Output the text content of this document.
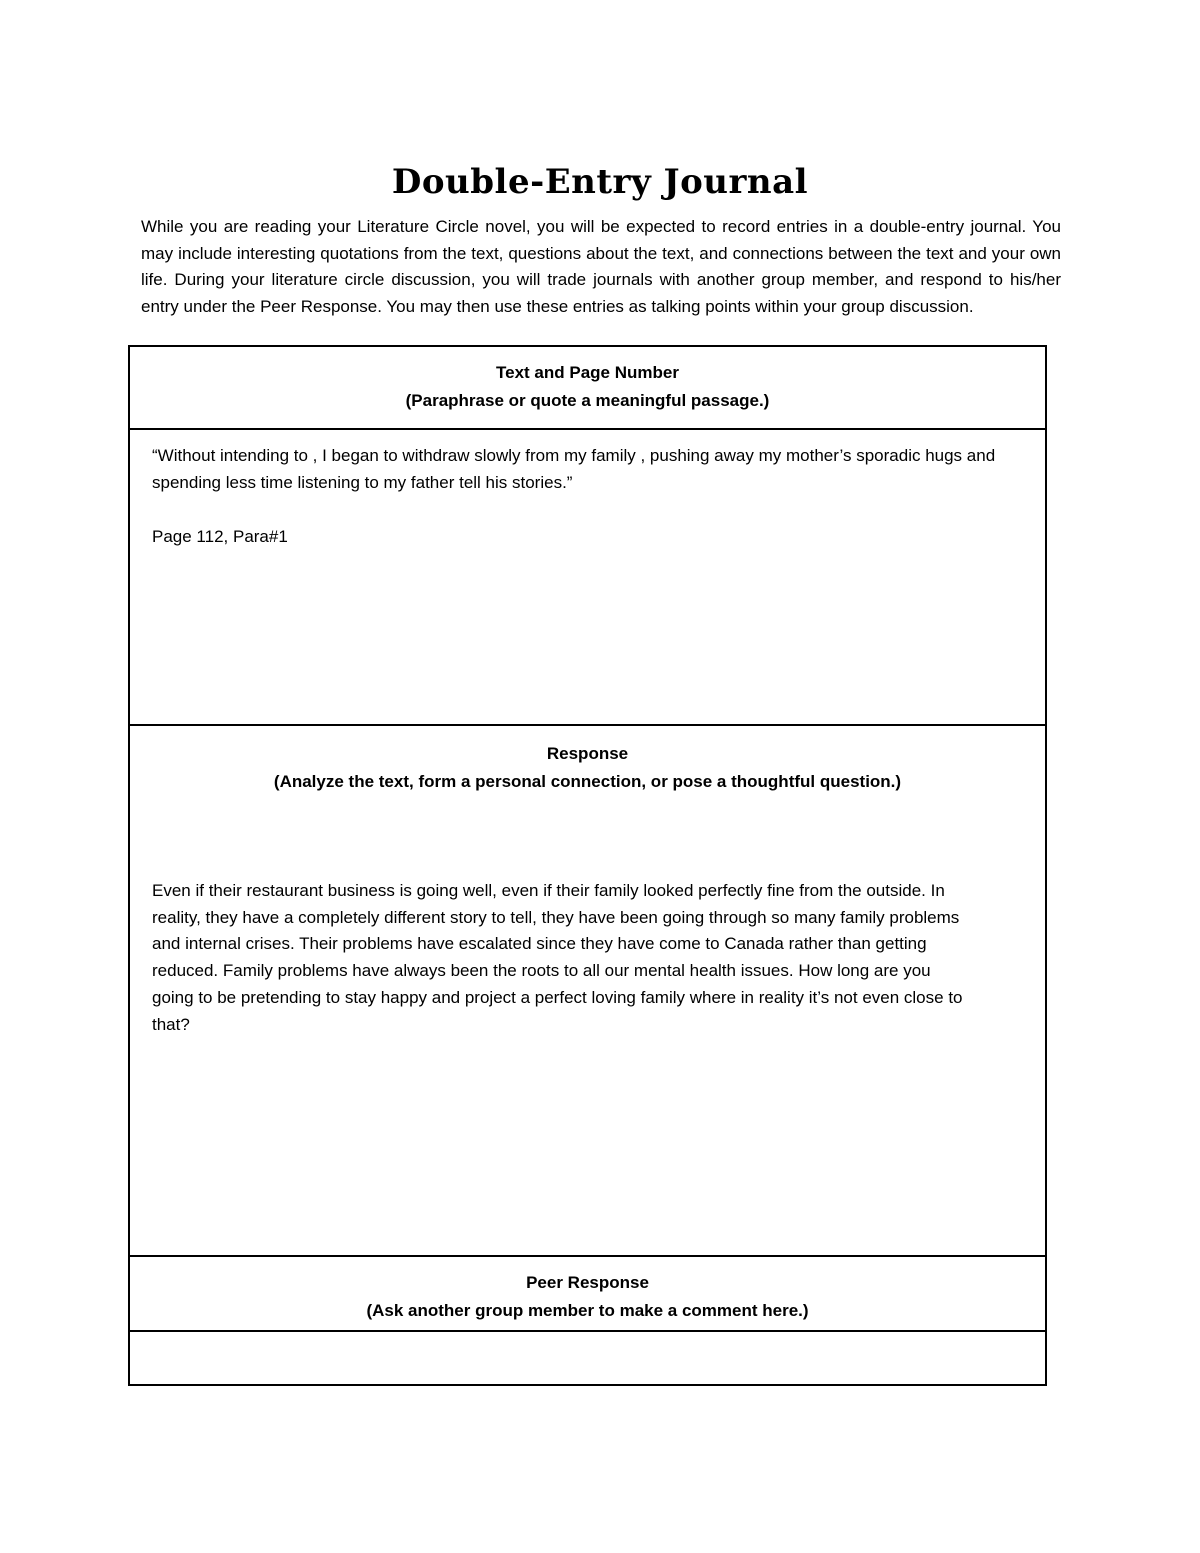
Double-Entry Journal

While you are reading your Literature Circle novel, you will be expected to record entries in a double-entry journal. You may include interesting quotations from the text, questions about the text, and connections between the text and your own life. During your literature circle discussion, you will trade journals with another group member, and respond to his/her entry under the Peer Response. You may then use these entries as talking points within your group discussion.

Text and Page Number
(Paraphrase or quote a meaningful passage.)

“Without intending to , I began to withdraw slowly from my family , pushing away my mother’s sporadic hugs and spending less time listening to my father tell his stories.”

Page 112, Para#1

Response
(Analyze the text, form a personal connection, or pose a thoughtful question.)

Even if their restaurant business is going well, even if their family looked perfectly fine from the outside. In reality, they have a completely different story to tell, they have been going through so many family problems and internal crises. Their problems have escalated since they have come to Canada rather than getting reduced. Family problems have always been the roots to all our mental health issues. How long are you going to be pretending to stay happy and project a perfect loving family where in reality it’s not even close to that?

Peer Response
(Ask another group member to make a comment here.)
